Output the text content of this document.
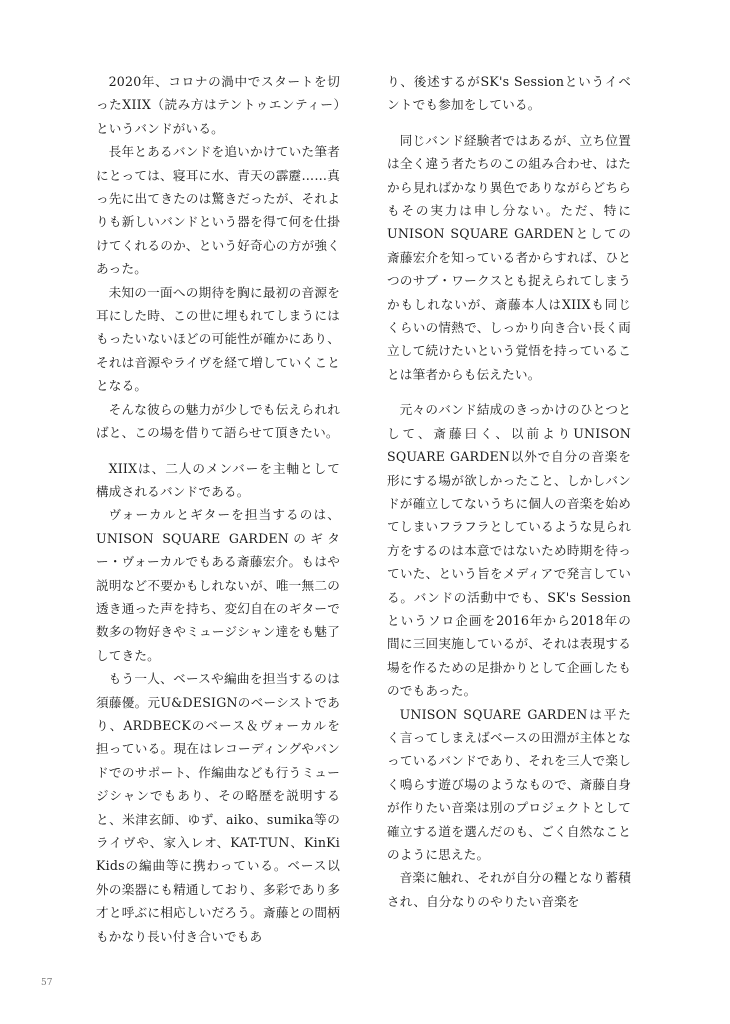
2020年、コロナの渦中でスタートを切ったXIIX（読み方はテントゥエンティー）というバンドがいる。

長年とあるバンドを追いかけていた筆者にとっては、寝耳に水、青天の霹靂……真っ先に出てきたのは驚きだったが、それよりも新しいバンドという器を得て何を仕掛けてくれるのか、という好奇心の方が強くあった。

未知の一面への期待を胸に最初の音源を耳にした時、この世に埋もれてしまうにはもったいないほどの可能性が確かにあり、それは音源やライヴを経て増していくこととなる。

そんな彼らの魅力が少しでも伝えられればと、この場を借りて語らせて頂きたい。

XIIXは、二人のメンバーを主軸として構成されるバンドである。

ヴォーカルとギターを担当するのは、UNISON SQUARE GARDENのギター・ヴォーカルでもある斎藤宏介。もはや説明など不要かもしれないが、唯一無二の透き通った声を持ち、変幻自在のギターで数多の物好きやミュージシャン達をも魅了してきた。

もう一人、ベースや編曲を担当するのは須藤優。元U&DESIGNのベーシストであり、ARDBECKのベース＆ヴォーカルを担っている。現在はレコーディングやバンドでのサポート、作編曲なども行うミュージシャンでもあり、その略歴を説明すると、米津玄師、ゆず、aiko、sumika等のライヴや、家入レオ、KAT-TUN、KinKi Kidsの編曲等に携わっている。ベース以外の楽器にも精通しており、多彩であり多才と呼ぶに相応しいだろう。斎藤との間柄もかなり長い付き合いでもあ

り、後述するがSK's Sessionというイベントでも参加をしている。

同じバンド経験者ではあるが、立ち位置は全く違う者たちのこの組み合わせ、はたから見ればかなり異色でありながらどちらもその実力は申し分ない。ただ、特にUNISON SQUARE GARDENとしての斎藤宏介を知っている者からすれば、ひとつのサブ・ワークスとも捉えられてしまうかもしれないが、斎藤本人はXIIXも同じくらいの情熱で、しっかり向き合い長く両立して続けたいという覚悟を持っていることは筆者からも伝えたい。

元々のバンド結成のきっかけのひとつとして、斎藤曰く、以前よりUNISON SQUARE GARDEN以外で自分の音楽を形にする場が欲しかったこと、しかしバンドが確立してないうちに個人の音楽を始めてしまいフラフラとしているような見られ方をするのは本意ではないため時期を待っていた、という旨をメディアで発言している。バンドの活動中でも、SK's Sessionというソロ企画を2016年から2018年の間に三回実施しているが、それは表現する場を作るための足掛かりとして企画したものでもあった。

UNISON SQUARE GARDENは平たく言ってしまえばベースの田淵が主体となっているバンドであり、それを三人で楽しく鳴らす遊び場のようなもので、斎藤自身が作りたい音楽は別のプロジェクトとして確立する道を選んだのも、ごく自然なことのように思えた。

音楽に触れ、それが自分の糧となり蓄積され、自分なりのやりたい音楽を

57
